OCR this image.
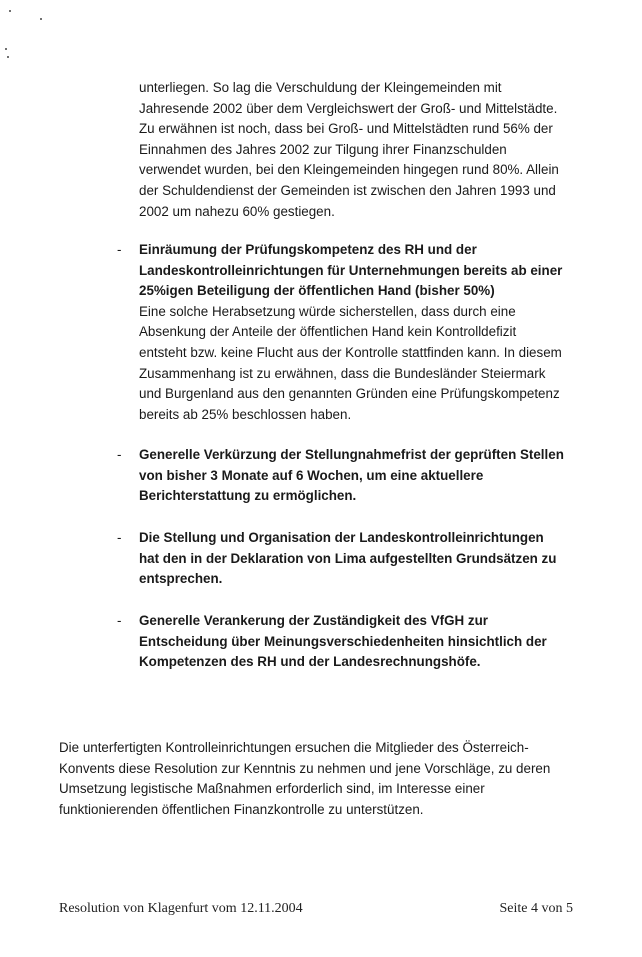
unterliegen. So lag die Verschuldung der Kleingemeinden mit
Jahresende 2002 über dem Vergleichswert der Groß- und Mittelstädte.
Zu erwähnen ist noch, dass bei Groß- und Mittelstädten rund 56% der
Einnahmen des Jahres 2002 zur Tilgung ihrer Finanzschulden
verwendet wurden, bei den Kleingemeinden hingegen rund 80%. Allein
der Schuldendienst der Gemeinden ist zwischen den Jahren 1993 und
2002 um nahezu 60% gestiegen.
-	Einräumung der Prüfungskompetenz des RH und der
Landeskontrolleinrichtungen für Unternehmungen bereits ab einer
25%igen Beteiligung der öffentlichen Hand (bisher 50%)
Eine solche Herabsetzung würde sicherstellen, dass durch eine
Absenkung der Anteile der öffentlichen Hand kein Kontrolldefizit
entsteht bzw. keine Flucht aus der Kontrolle stattfinden kann. In diesem
Zusammenhang ist zu erwähnen, dass die Bundesländer Steiermark
und Burgenland aus den genannten Gründen eine Prüfungskompetenz
bereits ab 25% beschlossen haben.
-	Generelle Verkürzung der Stellungnahmefrist der geprüften Stellen
von bisher 3 Monate auf 6 Wochen, um eine aktuellere
Berichterstattung zu ermöglichen.
-	Die Stellung und Organisation der Landeskontrolleinrichtungen
hat den in der Deklaration von Lima aufgestellten Grundsätzen zu
entsprechen.
-	Generelle Verankerung der Zuständigkeit des VfGH zur
Entscheidung über Meinungsverschiedenheiten hinsichtlich der
Kompetenzen des RH und der Landesrechnungshöfe.
Die unterfertigten Kontrolleinrichtungen ersuchen die Mitglieder des Österreich-
Konvents diese Resolution zur Kenntnis zu nehmen und jene Vorschläge, zu deren
Umsetzung legistische Maßnahmen erforderlich sind, im Interesse einer
funktionierenden öffentlichen Finanzkontrolle zu unterstützen.
Resolution von Klagenfurt vom 12.11.2004	Seite 4 von 5
